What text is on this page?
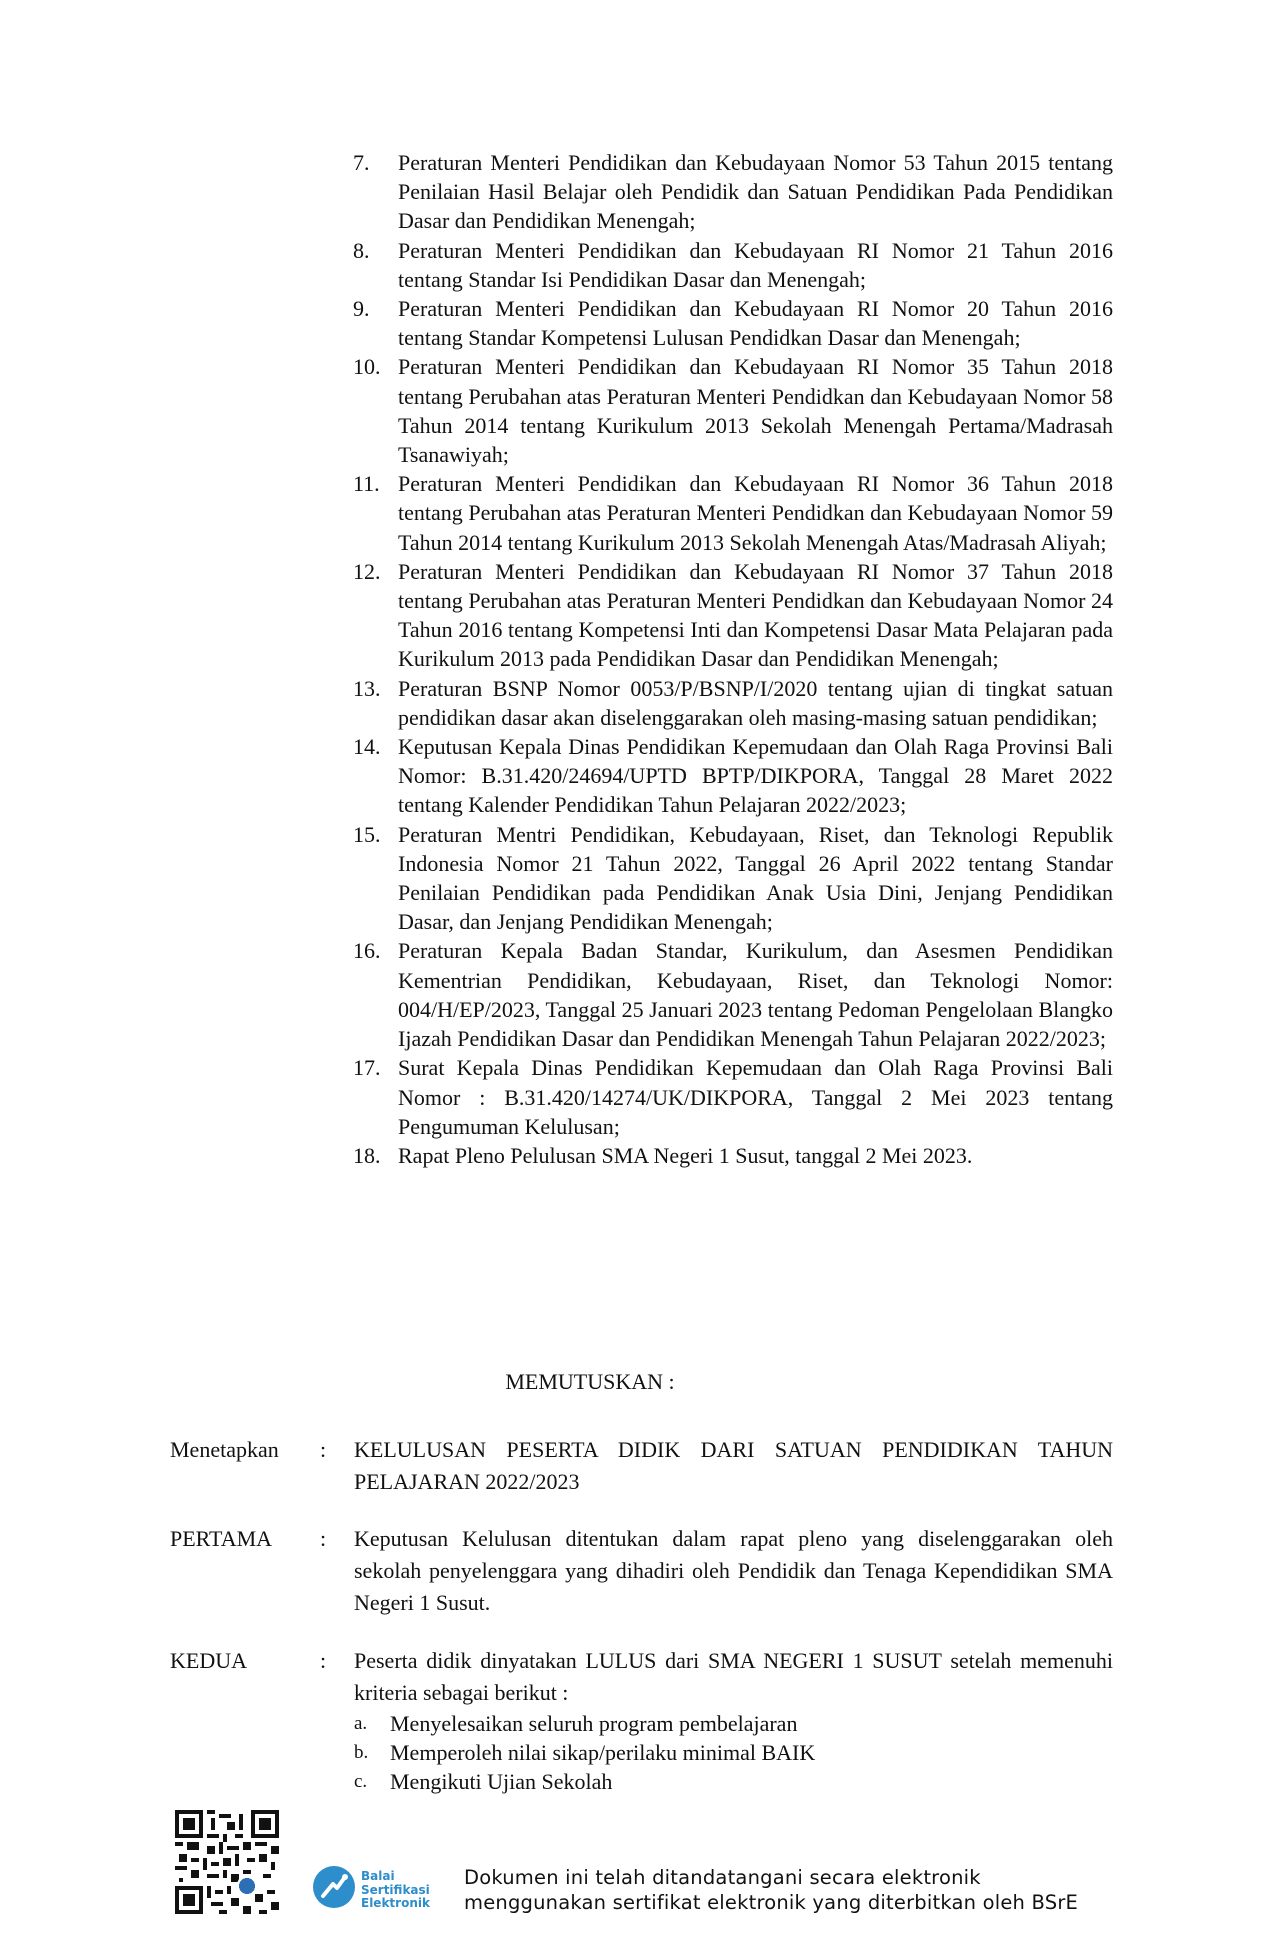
7.	Peraturan Menteri Pendidikan dan Kebudayaan Nomor 53 Tahun 2015 tentang Penilaian Hasil Belajar oleh Pendidik dan Satuan Pendidikan Pada Pendidikan Dasar dan Pendidikan Menengah;
8.	Peraturan Menteri Pendidikan dan Kebudayaan RI Nomor 21 Tahun 2016 tentang Standar Isi Pendidikan Dasar dan Menengah;
9.	Peraturan Menteri Pendidikan dan Kebudayaan RI Nomor 20 Tahun 2016 tentang Standar Kompetensi Lulusan Pendidkan Dasar dan Menengah;
10. Peraturan Menteri Pendidikan dan Kebudayaan RI Nomor 35 Tahun 2018 tentang Perubahan atas Peraturan Menteri Pendidkan dan Kebudayaan Nomor 58 Tahun 2014 tentang Kurikulum 2013 Sekolah Menengah Pertama/Madrasah Tsanawiyah;
11. Peraturan Menteri Pendidikan dan Kebudayaan RI Nomor 36 Tahun 2018 tentang Perubahan atas Peraturan Menteri Pendidkan dan Kebudayaan Nomor 59 Tahun 2014 tentang Kurikulum 2013 Sekolah Menengah Atas/Madrasah Aliyah;
12. Peraturan Menteri Pendidikan dan Kebudayaan RI Nomor 37 Tahun 2018 tentang Perubahan atas Peraturan Menteri Pendidkan dan Kebudayaan Nomor 24 Tahun 2016 tentang Kompetensi Inti dan Kompetensi Dasar Mata Pelajaran pada Kurikulum 2013 pada Pendidikan Dasar dan Pendidikan Menengah;
13. Peraturan BSNP Nomor 0053/P/BSNP/I/2020 tentang ujian di tingkat satuan pendidikan dasar akan diselenggarakan oleh masing-masing satuan pendidikan;
14. Keputusan Kepala Dinas Pendidikan Kepemudaan dan Olah Raga Provinsi Bali Nomor: B.31.420/24694/UPTD BPTP/DIKPORA, Tanggal 28 Maret 2022 tentang Kalender Pendidikan Tahun Pelajaran 2022/2023;
15. Peraturan Mentri Pendidikan, Kebudayaan, Riset, dan Teknologi Republik Indonesia Nomor 21 Tahun 2022, Tanggal 26 April 2022 tentang Standar Penilaian Pendidikan pada Pendidikan Anak Usia Dini, Jenjang Pendidikan Dasar, dan Jenjang Pendidikan Menengah;
16. Peraturan Kepala Badan Standar, Kurikulum, dan Asesmen Pendidikan Kementrian Pendidikan, Kebudayaan, Riset, dan Teknologi Nomor: 004/H/EP/2023, Tanggal 25 Januari 2023 tentang Pedoman Pengelolaan Blangko Ijazah Pendidikan Dasar dan Pendidikan Menengah Tahun Pelajaran 2022/2023;
17. Surat Kepala Dinas Pendidikan Kepemudaan dan Olah Raga Provinsi Bali Nomor : B.31.420/14274/UK/DIKPORA, Tanggal 2 Mei 2023 tentang Pengumuman Kelulusan;
18. Rapat Pleno Pelulusan SMA Negeri 1 Susut, tanggal 2 Mei 2023.
MEMUTUSKAN :
Menetapkan	:	KELULUSAN PESERTA DIDIK DARI SATUAN PENDIDIKAN TAHUN PELAJARAN 2022/2023
PERTAMA	:	Keputusan Kelulusan ditentukan dalam rapat pleno yang diselenggarakan oleh sekolah penyelenggara yang dihadiri oleh Pendidik dan Tenaga Kependidikan SMA Negeri 1 Susut.
KEDUA	:	Peserta didik dinyatakan LULUS dari SMA NEGERI 1 SUSUT setelah memenuhi kriteria sebagai berikut :
a.	Menyelesaikan seluruh program pembelajaran
b. Memperoleh nilai sikap/perilaku minimal BAIK
c.	Mengikuti Ujian Sekolah
Balai
Sertifikasi
Elektronik
Dokumen ini telah ditandatangani secara elektronik
menggunakan sertifikat elektronik yang diterbitkan oleh BSrE
